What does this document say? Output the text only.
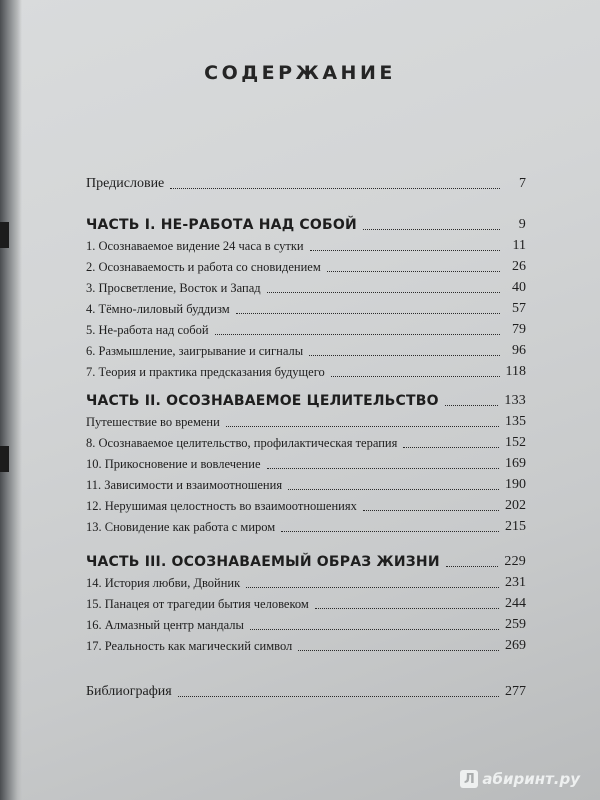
СОДЕРЖАНИЕ
Предисловие	7
ЧАСТЬ I. НЕ-РАБОТА НАД СОБОЙ	9
1. Осознаваемое видение 24 часа в сутки	11
2. Осознаваемость и работа со сновидением	26
3. Просветление, Восток и Запад	40
4. Тёмно-лиловый буддизм	57
5. Не-работа над собой	79
6. Размышление, заигрывание и сигналы	96
7. Теория и практика предсказания будущего	118
ЧАСТЬ II. ОСОЗНАВАЕМОЕ ЦЕЛИТЕЛЬСТВО	133
Путешествие во времени	135
8. Осознаваемое целительство, профилактическая терапия	152
10. Прикосновение и вовлечение	169
11. Зависимости и взаимоотношения	190
12. Нерушимая целостность во взаимоотношениях	202
13. Сновидение как работа с миром	215
ЧАСТЬ III. ОСОЗНАВАЕМЫЙ ОБРАЗ ЖИЗНИ	229
14. История любви, Двойник	231
15. Панацея от трагедии бытия человеком	244
16. Алмазный центр мандалы	259
17. Реальность как магический символ	269
Библиография	277
Л абиринт.ру
